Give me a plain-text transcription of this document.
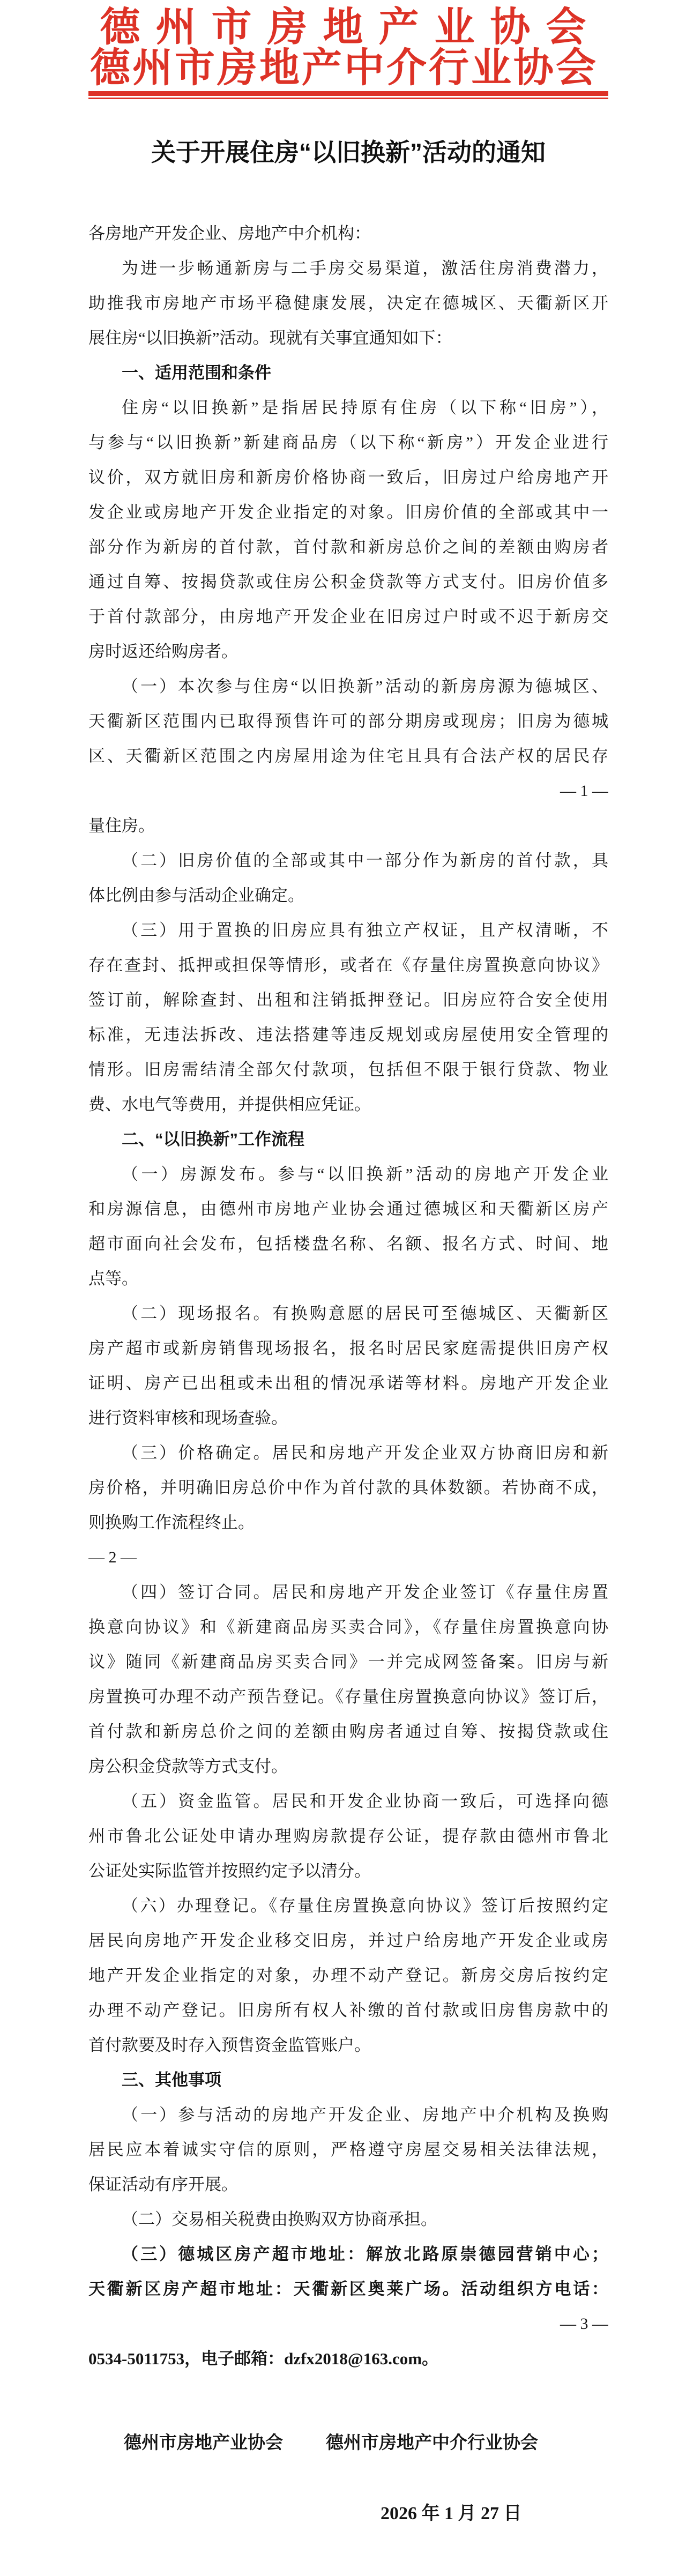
德州市房地产业协会
德州市房地产中介行业协会
关于开展住房“以旧换新”活动的通知
各房地产开发企业、房地产中介机构：
为进一步畅通新房与二手房交易渠道，激活住房消费潜力，
助推我市房地产市场平稳健康发展，决定在德城区、天衢新区开
展住房“以旧换新”活动。现就有关事宜通知如下：
一、适用范围和条件
住房“以旧换新”是指居民持原有住房（以下称“旧房”），
与参与“以旧换新”新建商品房（以下称“新房”）开发企业进行
议价，双方就旧房和新房价格协商一致后，旧房过户给房地产开
发企业或房地产开发企业指定的对象。旧房价值的全部或其中一
部分作为新房的首付款，首付款和新房总价之间的差额由购房者
通过自筹、按揭贷款或住房公积金贷款等方式支付。旧房价值多
于首付款部分，由房地产开发企业在旧房过户时或不迟于新房交
房时返还给购房者。
（一）本次参与住房“以旧换新”活动的新房房源为德城区、
天衢新区范围内已取得预售许可的部分期房或现房；旧房为德城
区、天衢新区范围之内房屋用途为住宅且具有合法产权的居民存
— 1 —
量住房。
（二）旧房价值的全部或其中一部分作为新房的首付款，具
体比例由参与活动企业确定。
（三）用于置换的旧房应具有独立产权证，且产权清晰，不
存在查封、抵押或担保等情形，或者在《存量住房置换意向协议》
签订前，解除查封、出租和注销抵押登记。旧房应符合安全使用
标准，无违法拆改、违法搭建等违反规划或房屋使用安全管理的
情形。旧房需结清全部欠付款项，包括但不限于银行贷款、物业
费、水电气等费用，并提供相应凭证。
二、“以旧换新”工作流程
（一）房源发布。参与“以旧换新”活动的房地产开发企业
和房源信息，由德州市房地产业协会通过德城区和天衢新区房产
超市面向社会发布，包括楼盘名称、名额、报名方式、时间、地
点等。
（二）现场报名。有换购意愿的居民可至德城区、天衢新区
房产超市或新房销售现场报名，报名时居民家庭需提供旧房产权
证明、房产已出租或未出租的情况承诺等材料。房地产开发企业
进行资料审核和现场查验。
（三）价格确定。居民和房地产开发企业双方协商旧房和新
房价格，并明确旧房总价中作为首付款的具体数额。若协商不成，
则换购工作流程终止。
— 2 —
（四）签订合同。居民和房地产开发企业签订《存量住房置
换意向协议》和《新建商品房买卖合同》，《存量住房置换意向协
议》随同《新建商品房买卖合同》一并完成网签备案。旧房与新
房置换可办理不动产预告登记。《存量住房置换意向协议》签订后，
首付款和新房总价之间的差额由购房者通过自筹、按揭贷款或住
房公积金贷款等方式支付。
（五）资金监管。居民和开发企业协商一致后，可选择向德
州市鲁北公证处申请办理购房款提存公证，提存款由德州市鲁北
公证处实际监管并按照约定予以清分。
（六）办理登记。《存量住房置换意向协议》签订后按照约定
居民向房地产开发企业移交旧房，并过户给房地产开发企业或房
地产开发企业指定的对象，办理不动产登记。新房交房后按约定
办理不动产登记。旧房所有权人补缴的首付款或旧房售房款中的
首付款要及时存入预售资金监管账户。
三、其他事项
（一）参与活动的房地产开发企业、房地产中介机构及换购
居民应本着诚实守信的原则，严格遵守房屋交易相关法律法规，
保证活动有序开展。
（二）交易相关税费由换购双方协商承担。
（三）德城区房产超市地址：解放北路原崇德园营销中心；
天衢新区房产超市地址：天衢新区奥莱广场。活动组织方电话：
— 3 —
0534-5011753，电子邮箱：dzfx2018@163.com。
德州市房地产业协会 德州市房地产中介行业协会
2026 年 1 月 27 日
